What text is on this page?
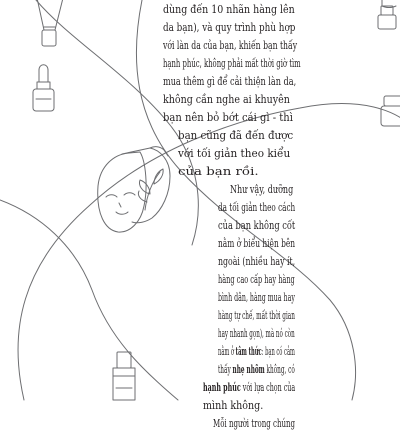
dùng đến 10 nhãn hàng lên
da bạn), và quy trình phù hợp
với làn da của bạn, khiến bạn thấy
hạnh phúc, không phải mất thời giờ tìm
mua thêm gì để cải thiện làn da,
không cần nghe ai khuyên
bạn nên bỏ bớt cái gì - thì
bạn cũng đã đến được
với tối giản theo kiểu
của bạn rồi.
Như vậy, dưỡng
da tối giản theo cách
của bạn không cốt
nằm ở biểu hiện bên
ngoài (nhiều hay ít,
hàng cao cấp hay hàng
bình dân, hàng mua hay
hàng tự chế, mất thời gian
hay nhanh gọn), mà nó còn
nằm ở tâm thức: bạn có cảm
thấy nhẹ nhõm không, có
hạnh phúc với lựa chọn của
mình không.
Mỗi người trong chúng
